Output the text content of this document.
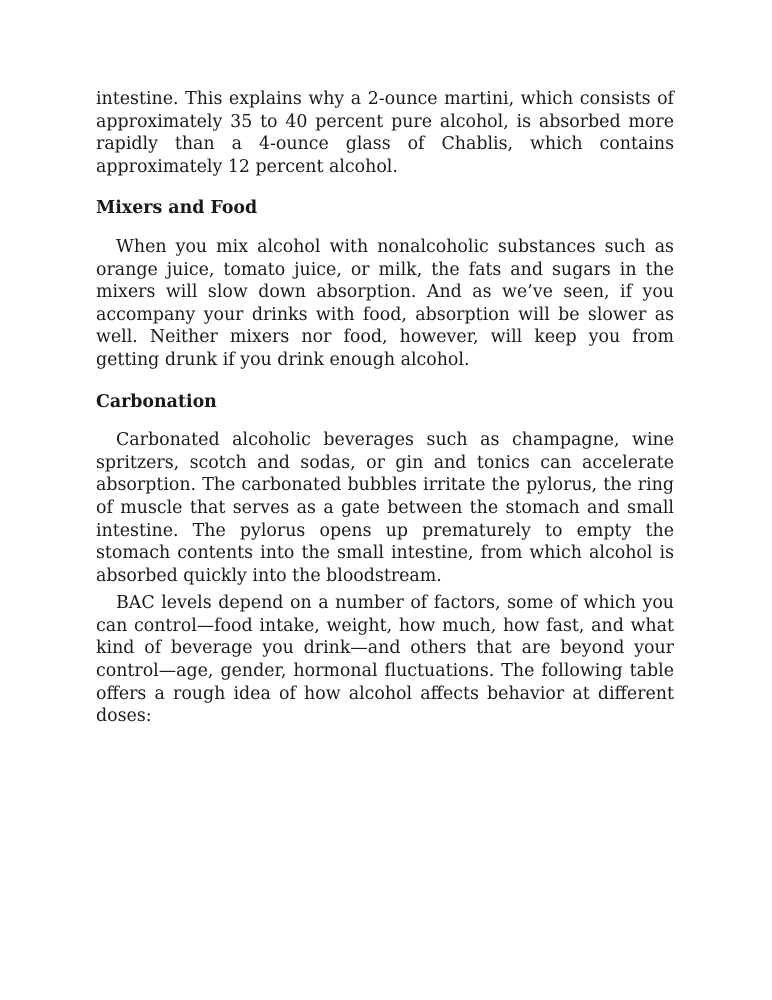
intestine. This explains why a 2-ounce martini, which consists of approximately 35 to 40 percent pure alcohol, is absorbed more rapidly than a 4-ounce glass of Chablis, which contains approximately 12 percent alcohol.

Mixers and Food

When you mix alcohol with nonalcoholic substances such as orange juice, tomato juice, or milk, the fats and sugars in the mixers will slow down absorption. And as we’ve seen, if you accompany your drinks with food, absorption will be slower as well. Neither mixers nor food, however, will keep you from getting drunk if you drink enough alcohol.

Carbonation

Carbonated alcoholic beverages such as champagne, wine spritzers, scotch and sodas, or gin and tonics can accelerate absorption. The carbonated bubbles irritate the pylorus, the ring of muscle that serves as a gate between the stomach and small intestine. The pylorus opens up prematurely to empty the stomach contents into the small intestine, from which alcohol is absorbed quickly into the bloodstream.

BAC levels depend on a number of factors, some of which you can control—food intake, weight, how much, how fast, and what kind of beverage you drink—and others that are beyond your control—age, gender, hormonal fluctuations. The following table offers a rough idea of how alcohol affects behavior at different doses:
